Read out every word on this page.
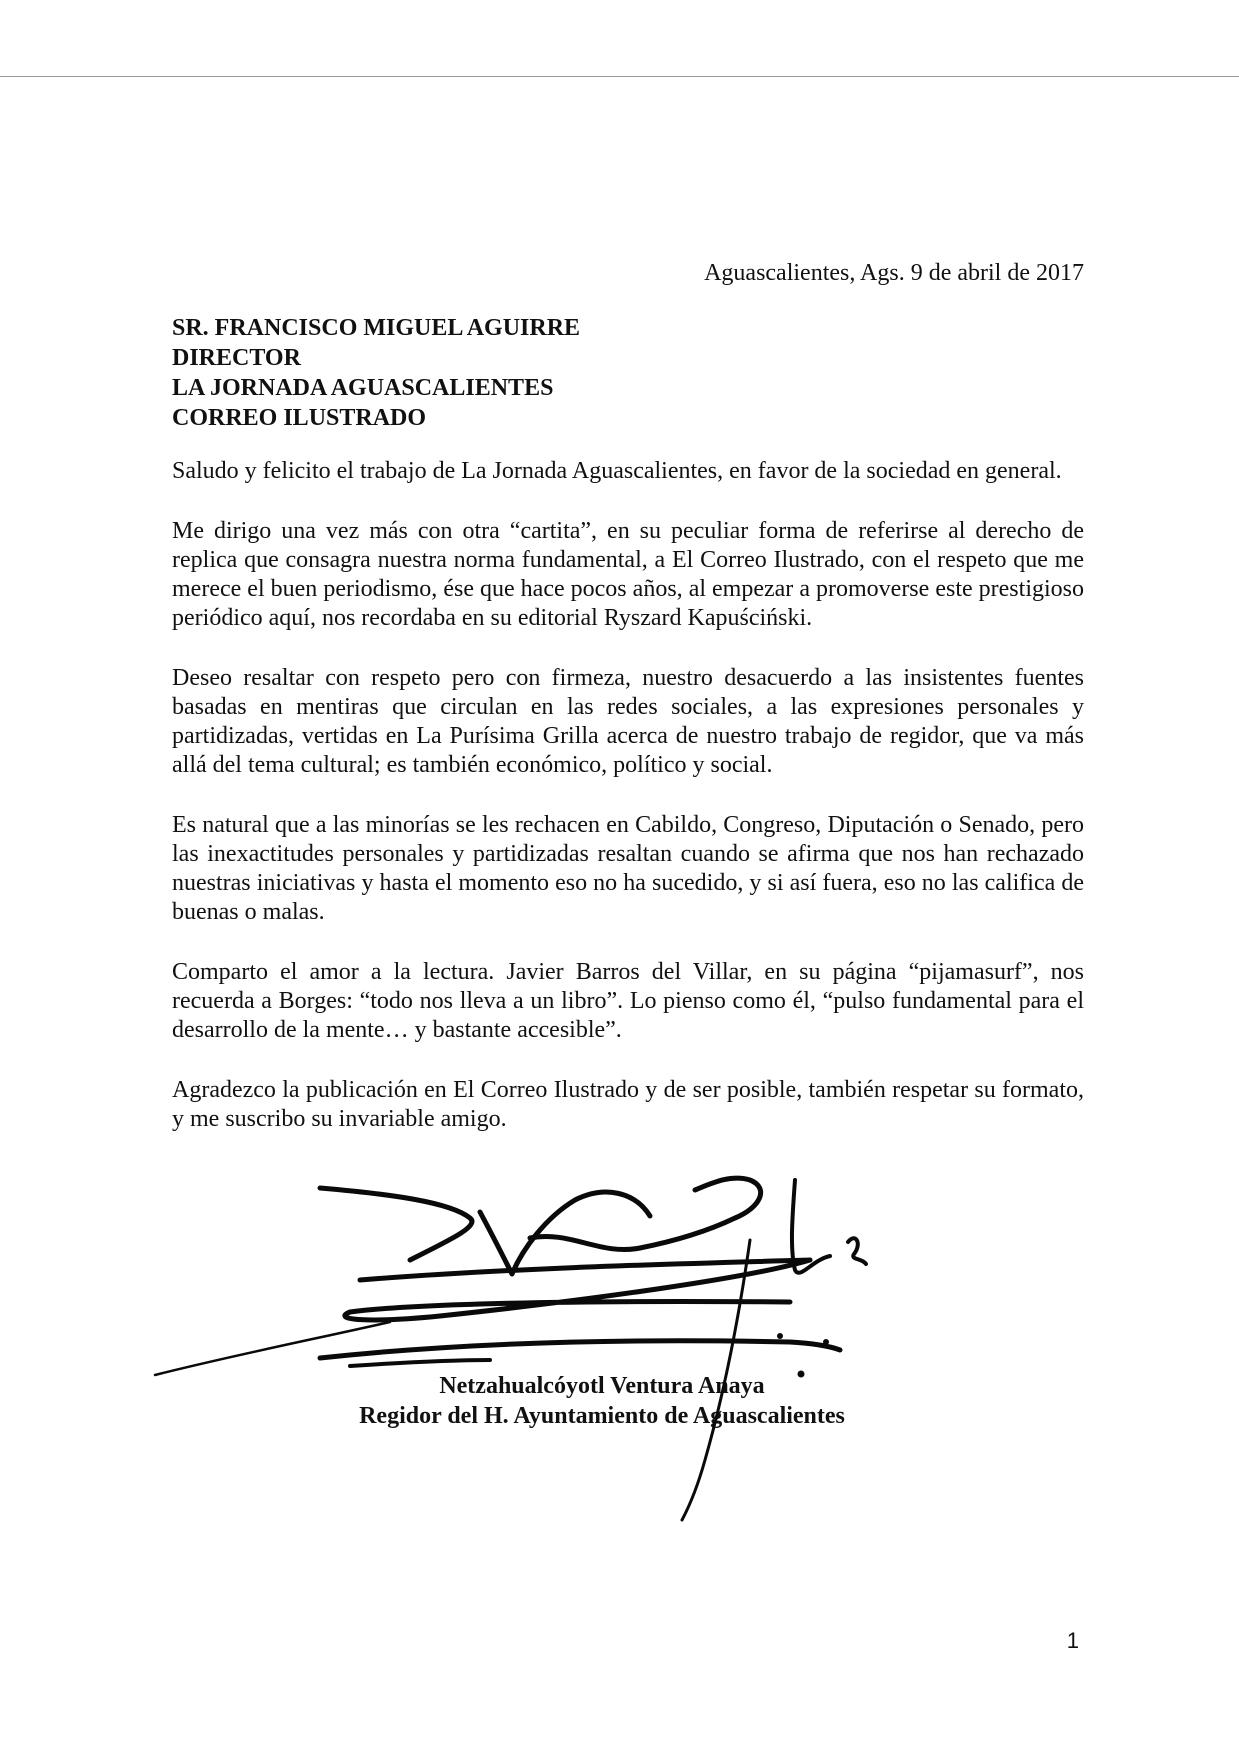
Aguascalientes, Ags. 9 de abril de 2017
SR. FRANCISCO MIGUEL AGUIRRE
DIRECTOR
LA JORNADA AGUASCALIENTES
CORREO ILUSTRADO

Saludo y felicito el trabajo de La Jornada Aguascalientes, en favor de la sociedad en general.

Me dirigo una vez más con otra “cartita”, en su peculiar forma de referirse al derecho de replica que consagra nuestra norma fundamental, a El Correo Ilustrado, con el respeto que me merece el buen periodismo, ése que hace pocos años, al empezar a promoverse este prestigioso periódico aquí, nos recordaba en su editorial Ryszard Kapuściński.

Deseo resaltar con respeto pero con firmeza, nuestro desacuerdo a las insistentes fuentes basadas en mentiras que circulan en las redes sociales, a las expresiones personales y partidizadas, vertidas en La Purísima Grilla acerca de nuestro trabajo de regidor, que va más allá del tema cultural; es también económico, político y social.

Es natural que a las minorías se les rechacen en Cabildo, Congreso, Diputación o Senado, pero las inexactitudes personales y partidizadas resaltan cuando se afirma que nos han rechazado nuestras iniciativas y hasta el momento eso no ha sucedido, y si así fuera, eso no las califica de buenas o malas.

Comparto el amor a la lectura. Javier Barros del Villar, en su página “pijamasurf”, nos recuerda a Borges: “todo nos lleva a un libro”. Lo pienso como él, “pulso fundamental para el desarrollo de la mente… y bastante accesible”.

Agradezco la publicación en El Correo Ilustrado y de ser posible, también respetar su formato, y me suscribo su invariable amigo.

Netzahualcóyotl Ventura Anaya
Regidor del H. Ayuntamiento de Aguascalientes
1
